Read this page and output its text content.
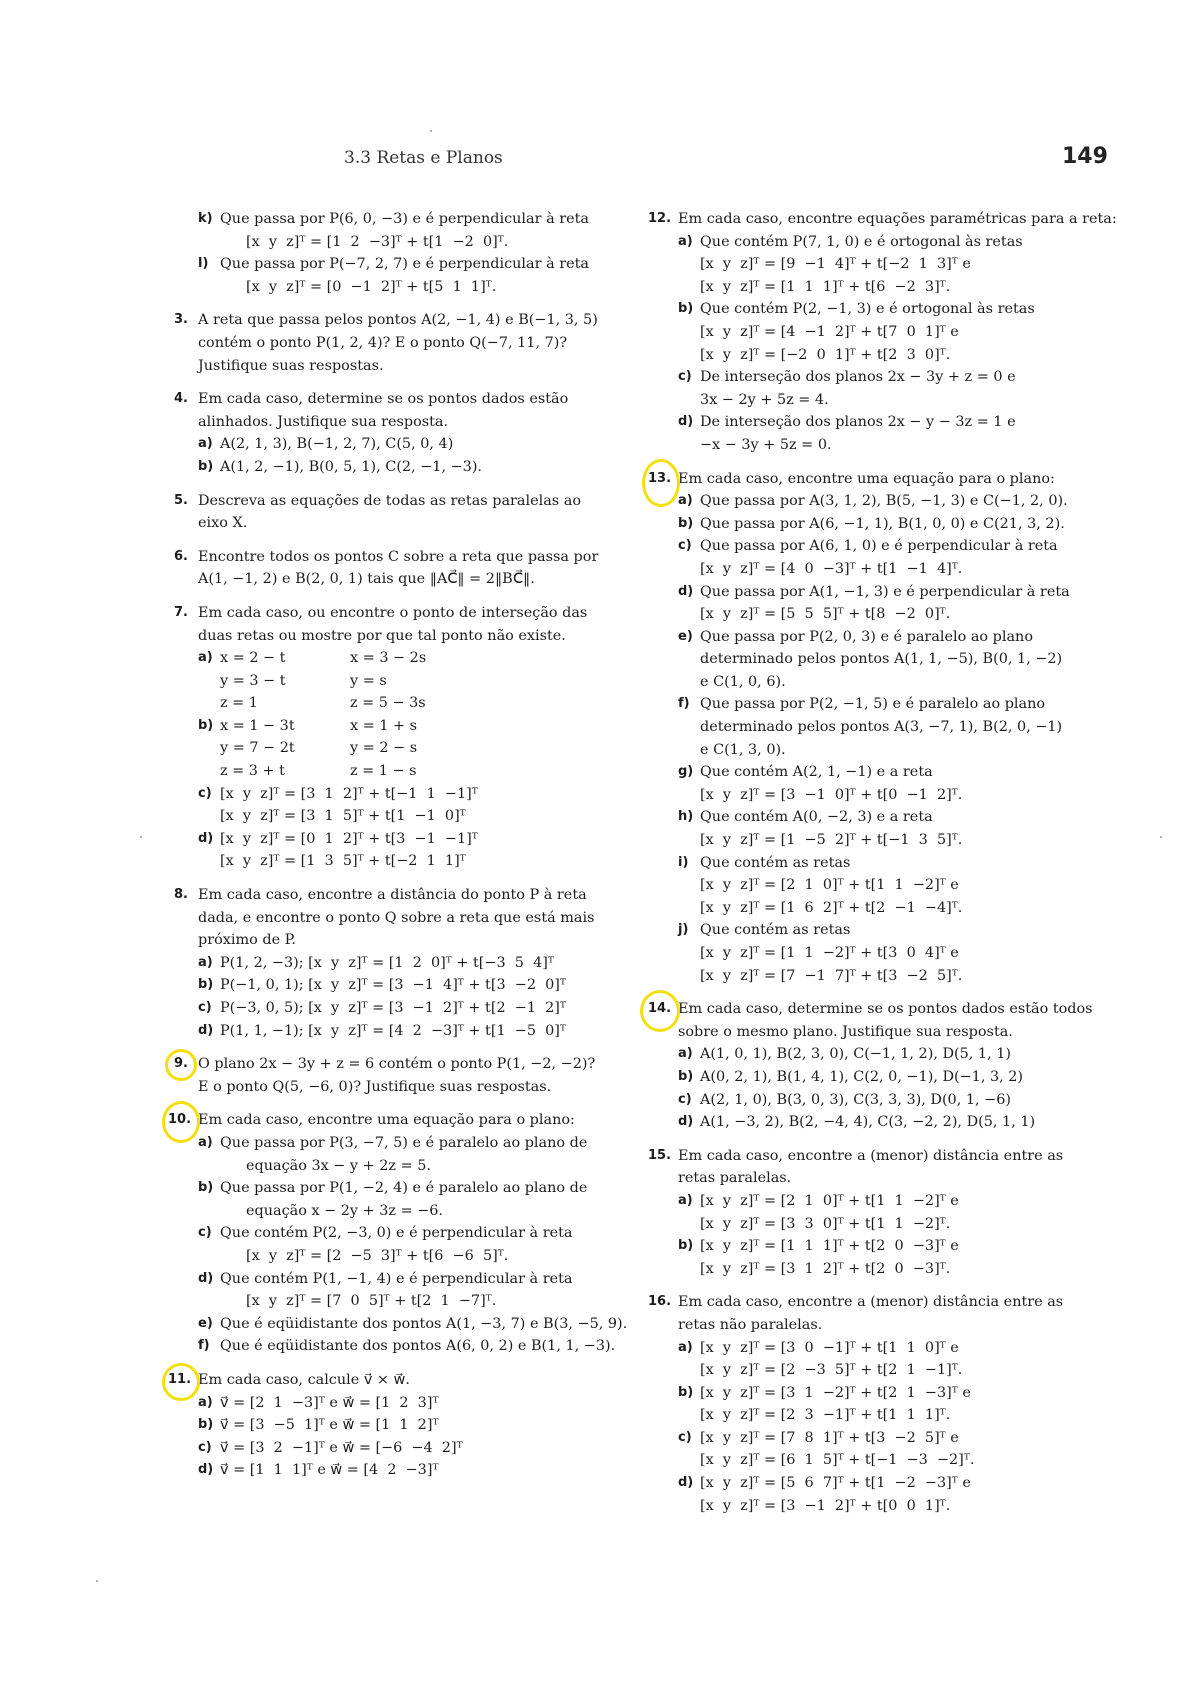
3.3 Retas e Planos	149
k) Que passa por P(6, 0, −3) e é perpendicular à reta
[x  y  z]ᵀ = [1  2  −3]ᵀ + t[1  −2  0]ᵀ.
l) Que passa por P(−7, 2, 7) e é perpendicular à reta
[x  y  z]ᵀ = [0  −1  2]ᵀ + t[5  1  1]ᵀ.
3. A reta que passa pelos pontos A(2, −1, 4) e B(−1, 3, 5)
contém o ponto P(1, 2, 4)? E o ponto Q(−7, 11, 7)?
Justifique suas respostas.
4. Em cada caso, determine se os pontos dados estão
alinhados. Justifique sua resposta.
a) A(2, 1, 3), B(−1, 2, 7), C(5, 0, 4)
b) A(1, 2, −1), B(0, 5, 1), C(2, −1, −3).
5. Descreva as equações de todas as retas paralelas ao
eixo X.
6. Encontre todos os pontos C sobre a reta que passa por
A(1, −1, 2) e B(2, 0, 1) tais que ‖AC⃗‖ = 2‖BC⃗‖.
7. Em cada caso, ou encontre o ponto de interseção das
duas retas ou mostre por que tal ponto não existe.
a) x = 2 − t	x = 3 − 2s
y = 3 − t	y = s
z = 1	z = 5 − 3s
b) x = 1 − 3t	x = 1 + s
y = 7 − 2t	y = 2 − s
z = 3 + t	z = 1 − s
c) [x  y  z]ᵀ = [3  1  2]ᵀ + t[−1  1  −1]ᵀ
[x  y  z]ᵀ = [3  1  5]ᵀ + t[1  −1  0]ᵀ
d) [x  y  z]ᵀ = [0  1  2]ᵀ + t[3  −1  −1]ᵀ
[x  y  z]ᵀ = [1  3  5]ᵀ + t[−2  1  1]ᵀ
8. Em cada caso, encontre a distância do ponto P à reta
dada, e encontre o ponto Q sobre a reta que está mais
próximo de P.
a) P(1, 2, −3); [x  y  z]ᵀ = [1  2  0]ᵀ + t[−3  5  4]ᵀ
b) P(−1, 0, 1); [x  y  z]ᵀ = [3  −1  4]ᵀ + t[3  −2  0]ᵀ
c) P(−3, 0, 5); [x  y  z]ᵀ = [3  −1  2]ᵀ + t[2  −1  2]ᵀ
d) P(1, 1, −1); [x  y  z]ᵀ = [4  2  −3]ᵀ + t[1  −5  0]ᵀ
9. O plano 2x − 3y + z = 6 contém o ponto P(1, −2, −2)?
E o ponto Q(5, −6, 0)? Justifique suas respostas.
10. Em cada caso, encontre uma equação para o plano:
a) Que passa por P(3, −7, 5) e é paralelo ao plano de
equação 3x − y + 2z = 5.
b) Que passa por P(1, −2, 4) e é paralelo ao plano de
equação x − 2y + 3z = −6.
c) Que contém P(2, −3, 0) e é perpendicular à reta
[x  y  z]ᵀ = [2  −5  3]ᵀ + t[6  −6  5]ᵀ.
d) Que contém P(1, −1, 4) e é perpendicular à reta
[x  y  z]ᵀ = [7  0  5]ᵀ + t[2  1  −7]ᵀ.
e) Que é eqüidistante dos pontos A(1, −3, 7) e B(3, −5, 9).
f) Que é eqüidistante dos pontos A(6, 0, 2) e B(1, 1, −3).
11. Em cada caso, calcule v⃗ × w⃗.
a) v⃗ = [2  1  −3]ᵀ e w⃗ = [1  2  3]ᵀ
b) v⃗ = [3  −5  1]ᵀ e w⃗ = [1  1  2]ᵀ
c) v⃗ = [3  2  −1]ᵀ e w⃗ = [−6  −4  2]ᵀ
d) v⃗ = [1  1  1]ᵀ e w⃗ = [4  2  −3]ᵀ
12. Em cada caso, encontre equações paramétricas para a reta:
a) Que contém P(7, 1, 0) e é ortogonal às retas
[x  y  z]ᵀ = [9  −1  4]ᵀ + t[−2  1  3]ᵀ e
[x  y  z]ᵀ = [1  1  1]ᵀ + t[6  −2  3]ᵀ.
b) Que contém P(2, −1, 3) e é ortogonal às retas
[x  y  z]ᵀ = [4  −1  2]ᵀ + t[7  0  1]ᵀ e
[x  y  z]ᵀ = [−2  0  1]ᵀ + t[2  3  0]ᵀ.
c) De interseção dos planos 2x − 3y + z = 0 e
3x − 2y + 5z = 4.
d) De interseção dos planos 2x − y − 3z = 1 e
−x − 3y + 5z = 0.
13. Em cada caso, encontre uma equação para o plano:
a) Que passa por A(3, 1, 2), B(5, −1, 3) e C(−1, 2, 0).
b) Que passa por A(6, −1, 1), B(1, 0, 0) e C(21, 3, 2).
c) Que passa por A(6, 1, 0) e é perpendicular à reta
[x  y  z]ᵀ = [4  0  −3]ᵀ + t[1  −1  4]ᵀ.
d) Que passa por A(1, −1, 3) e é perpendicular à reta
[x  y  z]ᵀ = [5  5  5]ᵀ + t[8  −2  0]ᵀ.
e) Que passa por P(2, 0, 3) e é paralelo ao plano
determinado pelos pontos A(1, 1, −5), B(0, 1, −2)
e C(1, 0, 6).
f) Que passa por P(2, −1, 5) e é paralelo ao plano
determinado pelos pontos A(3, −7, 1), B(2, 0, −1)
e C(1, 3, 0).
g) Que contém A(2, 1, −1) e a reta
[x  y  z]ᵀ = [3  −1  0]ᵀ + t[0  −1  2]ᵀ.
h) Que contém A(0, −2, 3) e a reta
[x  y  z]ᵀ = [1  −5  2]ᵀ + t[−1  3  5]ᵀ.
i) Que contém as retas
[x  y  z]ᵀ = [2  1  0]ᵀ + t[1  1  −2]ᵀ e
[x  y  z]ᵀ = [1  6  2]ᵀ + t[2  −1  −4]ᵀ.
j) Que contém as retas
[x  y  z]ᵀ = [1  1  −2]ᵀ + t[3  0  4]ᵀ e
[x  y  z]ᵀ = [7  −1  7]ᵀ + t[3  −2  5]ᵀ.
14. Em cada caso, determine se os pontos dados estão todos
sobre o mesmo plano. Justifique sua resposta.
a) A(1, 0, 1), B(2, 3, 0), C(−1, 1, 2), D(5, 1, 1)
b) A(0, 2, 1), B(1, 4, 1), C(2, 0, −1), D(−1, 3, 2)
c) A(2, 1, 0), B(3, 0, 3), C(3, 3, 3), D(0, 1, −6)
d) A(1, −3, 2), B(2, −4, 4), C(3, −2, 2), D(5, 1, 1)
15. Em cada caso, encontre a (menor) distância entre as
retas paralelas.
a) [x  y  z]ᵀ = [2  1  0]ᵀ + t[1  1  −2]ᵀ e
[x  y  z]ᵀ = [3  3  0]ᵀ + t[1  1  −2]ᵀ.
b) [x  y  z]ᵀ = [1  1  1]ᵀ + t[2  0  −3]ᵀ e
[x  y  z]ᵀ = [3  1  2]ᵀ + t[2  0  −3]ᵀ.
16. Em cada caso, encontre a (menor) distância entre as
retas não paralelas.
a) [x  y  z]ᵀ = [3  0  −1]ᵀ + t[1  1  0]ᵀ e
[x  y  z]ᵀ = [2  −3  5]ᵀ + t[2  1  −1]ᵀ.
b) [x  y  z]ᵀ = [3  1  −2]ᵀ + t[2  1  −3]ᵀ e
[x  y  z]ᵀ = [2  3  −1]ᵀ + t[1  1  1]ᵀ.
c) [x  y  z]ᵀ = [7  8  1]ᵀ + t[3  −2  5]ᵀ e
[x  y  z]ᵀ = [6  1  5]ᵀ + t[−1  −3  −2]ᵀ.
d) [x  y  z]ᵀ = [5  6  7]ᵀ + t[1  −2  −3]ᵀ e
[x  y  z]ᵀ = [3  −1  2]ᵀ + t[0  0  1]ᵀ.
